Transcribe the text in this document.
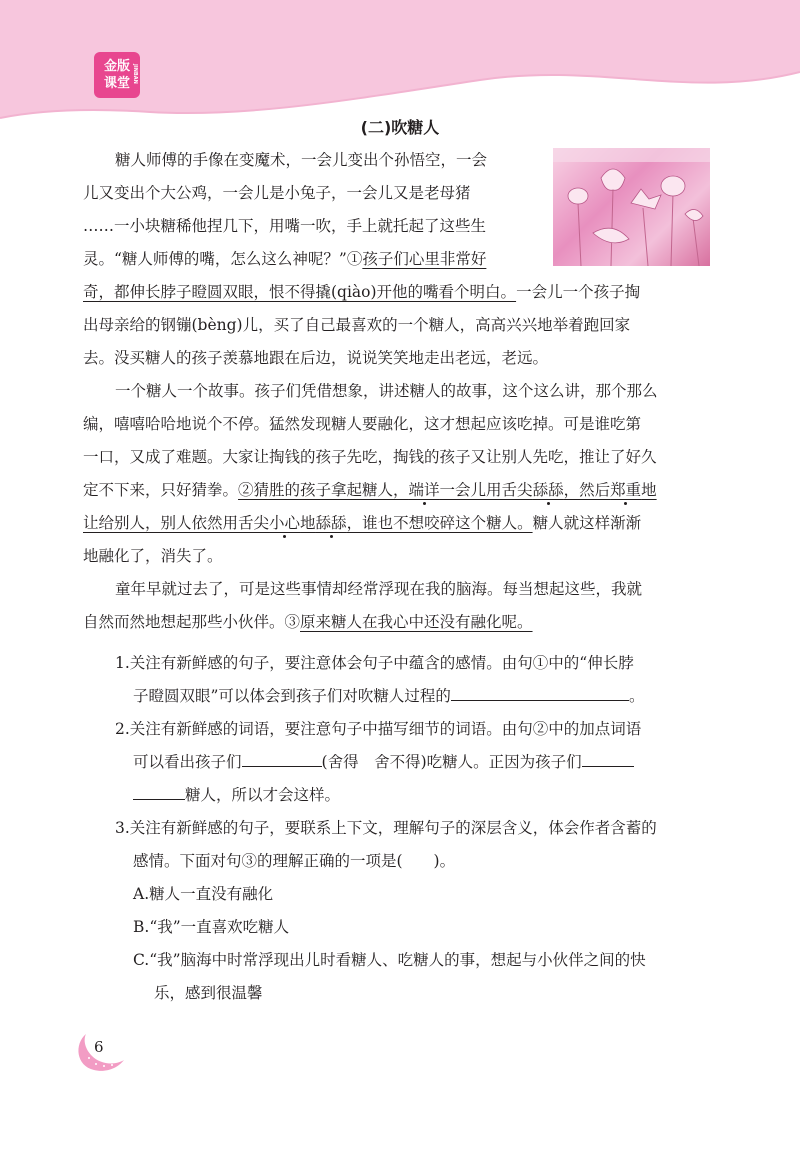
金版
课堂 JINBAN
(二)吹糖人
糖人师傅的手像在变魔术，一会儿变出个孙悟空，一会
儿又变出个大公鸡，一会儿是小兔子，一会儿又是老母猪
……一小块糖稀他捏几下，用嘴一吹，手上就托起了这些生
灵。“糖人师傅的嘴，怎么这么神呢？”①孩子们心里非常好
奇，都伸长脖子瞪圆双眼，恨不得撬(qiào)开他的嘴看个明白。一会儿一个孩子掏
出母亲给的钢镚(bèng)儿，买了自己最喜欢的一个糖人，高高兴兴地举着跑回家
去。没买糖人的孩子羡慕地跟在后边，说说笑笑地走出老远，老远。
一个糖人一个故事。孩子们凭借想象，讲述糖人的故事，这个这么讲，那个那么
编，嘻嘻哈哈地说个不停。猛然发现糖人要融化，这才想起应该吃掉。可是谁吃第
一口，又成了难题。大家让掏钱的孩子先吃，掏钱的孩子又让别人先吃，推让了好久
定不下来，只好猜拳。②猜胜的孩子拿起糖人，端详一会儿用舌尖舔舔，然后郑重地
让给别人，别人依然用舌尖小心地舔舔，谁也不想咬碎这个糖人。糖人就这样渐渐
地融化了，消失了。
童年早就过去了，可是这些事情却经常浮现在我的脑海。每当想起这些，我就
自然而然地想起那些小伙伴。③原来糖人在我心中还没有融化呢。
1.关注有新鲜感的句子，要注意体会句子中蕴含的感情。由句①中的“伸长脖
子瞪圆双眼”可以体会到孩子们对吹糖人过程的	。
2.关注有新鲜感的词语，要注意句子中描写细节的词语。由句②中的加点词语
可以看出孩子们	(舍得　舍不得)吃糖人。正因为孩子们
糖人，所以才会这样。
3.关注有新鲜感的句子，要联系上下文，理解句子的深层含义，体会作者含蓄的
感情。下面对句③的理解正确的一项是(　　)。
A.糖人一直没有融化
B.“我”一直喜欢吃糖人
C.“我”脑海中时常浮现出儿时看糖人、吃糖人的事，想起与小伙伴之间的快
乐，感到很温馨
6
